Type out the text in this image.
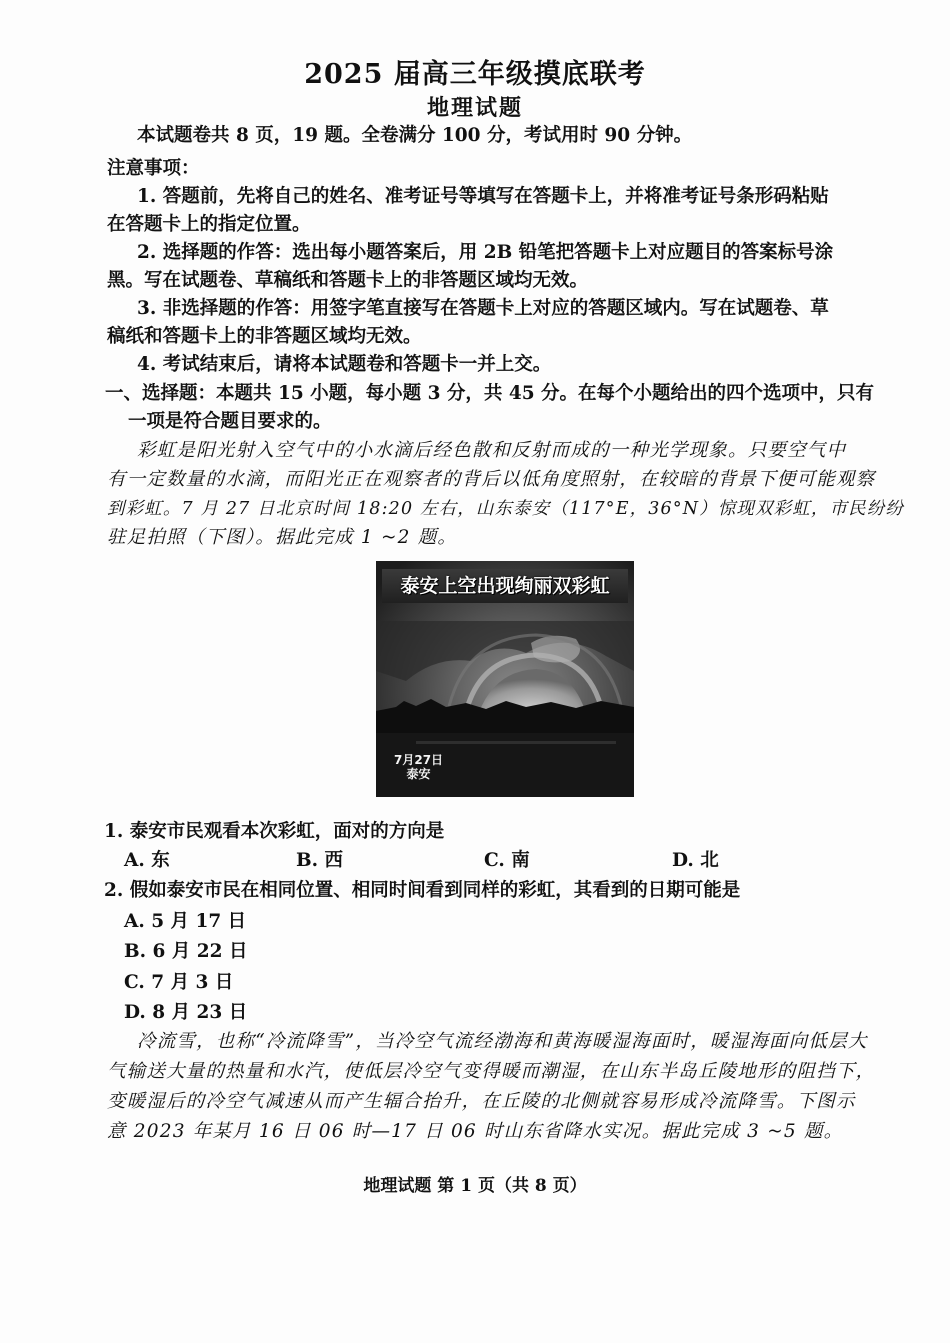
2025 届高三年级摸底联考
地理试题
本试题卷共 8 页，19 题。全卷满分 100 分，考试用时 90 分钟。
注意事项：
1. 答题前，先将自己的姓名、准考证号等填写在答题卡上，并将准考证号条形码粘贴
在答题卡上的指定位置。
2. 选择题的作答：选出每小题答案后，用 2B 铅笔把答题卡上对应题目的答案标号涂
黑。写在试题卷、草稿纸和答题卡上的非答题区域均无效。
3. 非选择题的作答：用签字笔直接写在答题卡上对应的答题区域内。写在试题卷、草
稿纸和答题卡上的非答题区域均无效。
4. 考试结束后，请将本试题卷和答题卡一并上交。
一、选择题：本题共 15 小题，每小题 3 分，共 45 分。在每个小题给出的四个选项中，只有
一项是符合题目要求的。
彩虹是阳光射入空气中的小水滴后经色散和反射而成的一种光学现象。只要空气中
有一定数量的水滴，而阳光正在观察者的背后以低角度照射，在较暗的背景下便可能观察
到彩虹。7 月 27 日北京时间 18:20 左右，山东泰安（117°E，36°N）惊现双彩虹，市民纷纷
驻足拍照（下图）。据此完成 1 ~2 题。
泰安上空出现绚丽双彩虹
7月27日
泰安
1. 泰安市民观看本次彩虹，面对的方向是
A. 东	B. 西	C. 南	D. 北
2. 假如泰安市民在相同位置、相同时间看到同样的彩虹，其看到的日期可能是
A. 5 月 17 日
B. 6 月 22 日
C. 7 月 3 日
D. 8 月 23 日
冷流雪，也称“冷流降雪”，当冷空气流经渤海和黄海暖湿海面时，暖湿海面向低层大
气输送大量的热量和水汽，使低层冷空气变得暖而潮湿，在山东半岛丘陵地形的阻挡下，
变暖湿后的冷空气减速从而产生辐合抬升，在丘陵的北侧就容易形成冷流降雪。下图示
意 2023 年某月 16 日 06 时—17 日 06 时山东省降水实况。据此完成 3 ~5 题。
地理试题 第 1 页（共 8 页）
